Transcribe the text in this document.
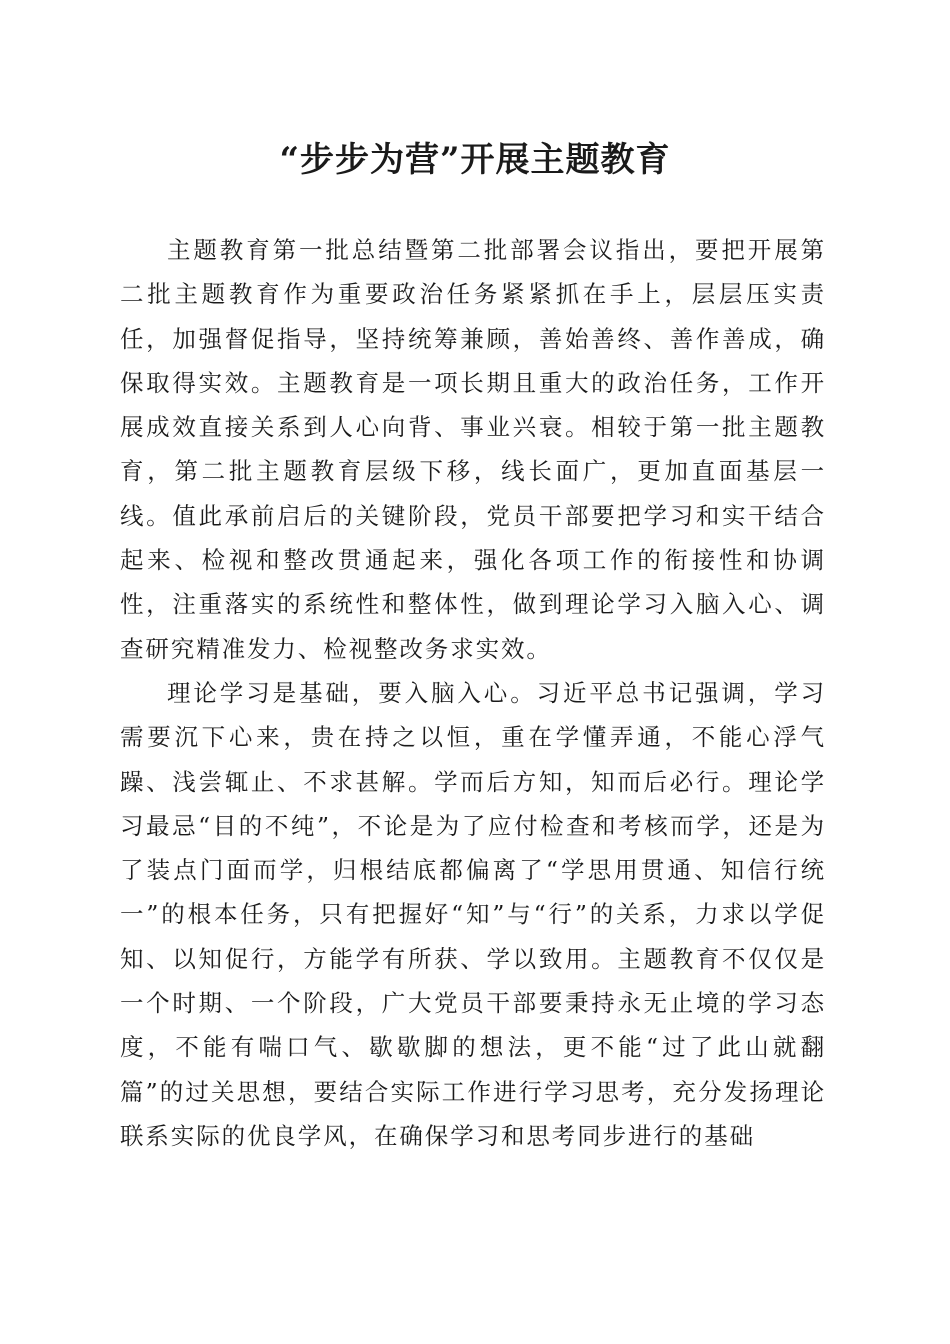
“步步为营”开展主题教育

主题教育第一批总结暨第二批部署会议指出，要把开展第二批主题教育作为重要政治任务紧紧抓在手上，层层压实责任，加强督促指导，坚持统筹兼顾，善始善终、善作善成，确保取得实效。主题教育是一项长期且重大的政治任务，工作开展成效直接关系到人心向背、事业兴衰。相较于第一批主题教育，第二批主题教育层级下移，线长面广，更加直面基层一线。值此承前启后的关键阶段，党员干部要把学习和实干结合起来、检视和整改贯通起来，强化各项工作的衔接性和协调性，注重落实的系统性和整体性，做到理论学习入脑入心、调查研究精准发力、检视整改务求实效。

理论学习是基础，要入脑入心。习近平总书记强调，学习需要沉下心来，贵在持之以恒，重在学懂弄通，不能心浮气躁、浅尝辄止、不求甚解。学而后方知，知而后必行。理论学习最忌“目的不纯”，不论是为了应付检查和考核而学，还是为了装点门面而学，归根结底都偏离了“学思用贯通、知信行统一”的根本任务，只有把握好“知”与“行”的关系，力求以学促知、以知促行，方能学有所获、学以致用。主题教育不仅仅是一个时期、一个阶段，广大党员干部要秉持永无止境的学习态度，不能有喘口气、歇歇脚的想法，更不能“过了此山就翻篇”的过关思想，要结合实际工作进行学习思考，充分发扬理论联系实际的优良学风，在确保学习和思考同步进行的基础
